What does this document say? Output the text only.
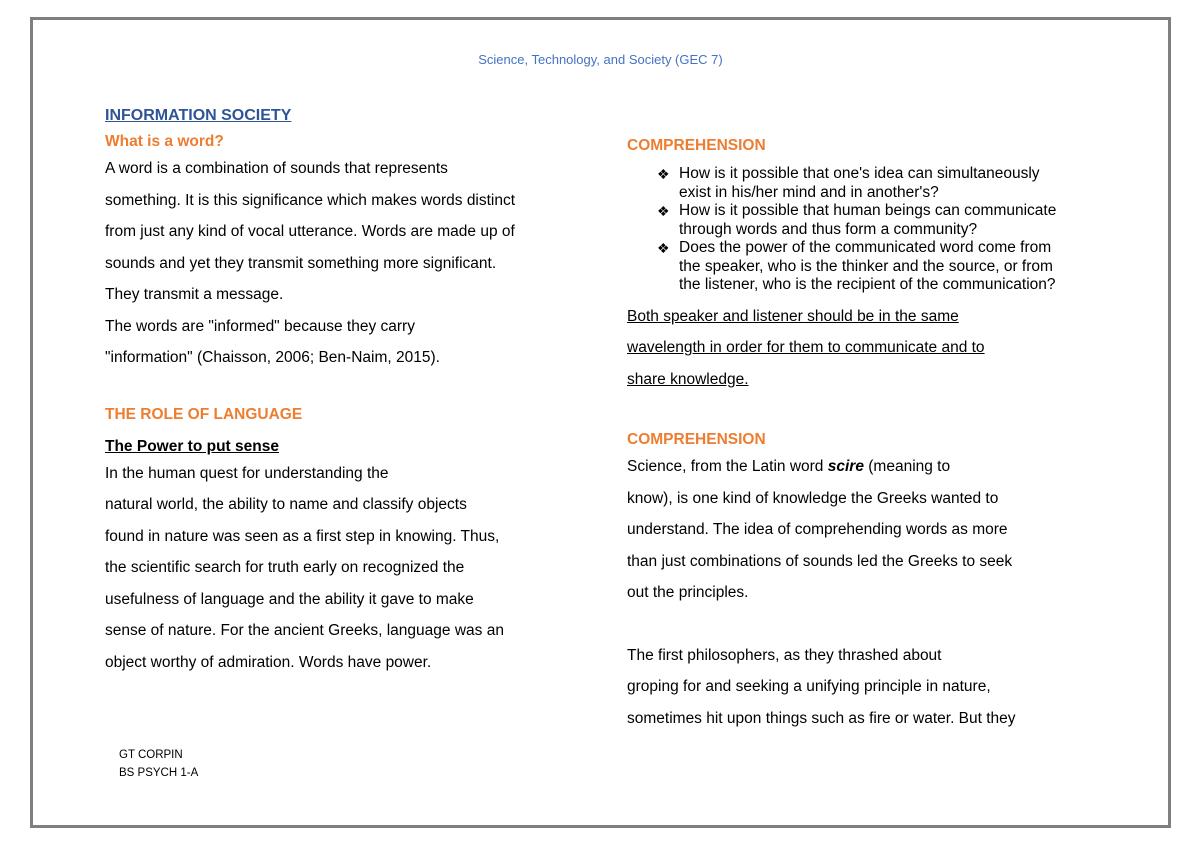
Science, Technology, and Society (GEC 7)
INFORMATION SOCIETY
What is a word?
A word is a combination of sounds that represents
something. It is this significance which makes words distinct
from just any kind of vocal utterance. Words are made up of
sounds and yet they transmit something more significant.
They transmit a message.
The words are "informed" because they carry
"information" (Chaisson, 2006; Ben-Naim, 2015).
THE ROLE OF LANGUAGE
The Power to put sense
In the human quest for understanding the
natural world, the ability to name and classify objects
found in nature was seen as a first step in knowing. Thus,
the scientific search for truth early on recognized the
usefulness of language and the ability it gave to make
sense of nature. For the ancient Greeks, language was an
object worthy of admiration. Words have power.
COMPREHENSION
❖ How is it possible that one's idea can simultaneously
exist in his/her mind and in another's?
❖ How is it possible that human beings can communicate
through words and thus form a community?
❖ Does the power of the communicated word come from
the speaker, who is the thinker and the source, or from
the listener, who is the recipient of the communication?
Both speaker and listener should be in the same
wavelength in order for them to communicate and to
share knowledge.
COMPREHENSION
Science, from the Latin word scire (meaning to
know), is one kind of knowledge the Greeks wanted to
understand. The idea of comprehending words as more
than just combinations of sounds led the Greeks to seek
out the principles.
The first philosophers, as they thrashed about
groping for and seeking a unifying principle in nature,
sometimes hit upon things such as fire or water. But they
GT CORPIN
BS PSYCH 1-A
